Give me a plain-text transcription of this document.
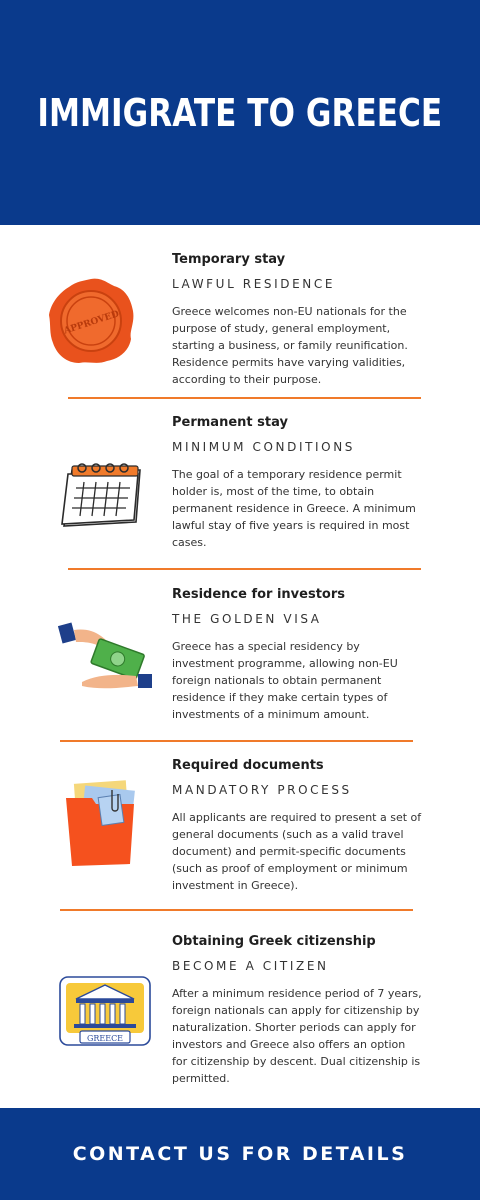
IMMIGRATE TO GREECE
APPROVED

Temporary stay

LAWFUL RESIDENCE

Greece welcomes non-EU nationals for the purpose of study, general employment, starting a business, or family reunification. Residence permits have varying validities, according to their purpose.

Permanent stay

MINIMUM CONDITIONS

The goal of a temporary residence permit holder is, most of the time, to obtain permanent residence in Greece. A minimum lawful stay of five years is required in most cases.

Residence for investors

THE GOLDEN VISA

Greece has a special residency by investment programme, allowing non-EU foreign nationals to obtain permanent residence if they make certain types of investments of a minimum amount.

Required documents

MANDATORY PROCESS

All applicants are required to present a set of general documents (such as a valid travel document) and permit-specific documents (such as proof of employment or minimum investment in Greece).

GREECE

Obtaining Greek citizenship

BECOME A CITIZEN

After a minimum residence period of 7 years, foreign nationals can apply for citizenship by naturalization. Shorter periods can apply for investors and Greece also offers an option for citizenship by descent. Dual citizenship is permitted.

CONTACT US FOR DETAILS
